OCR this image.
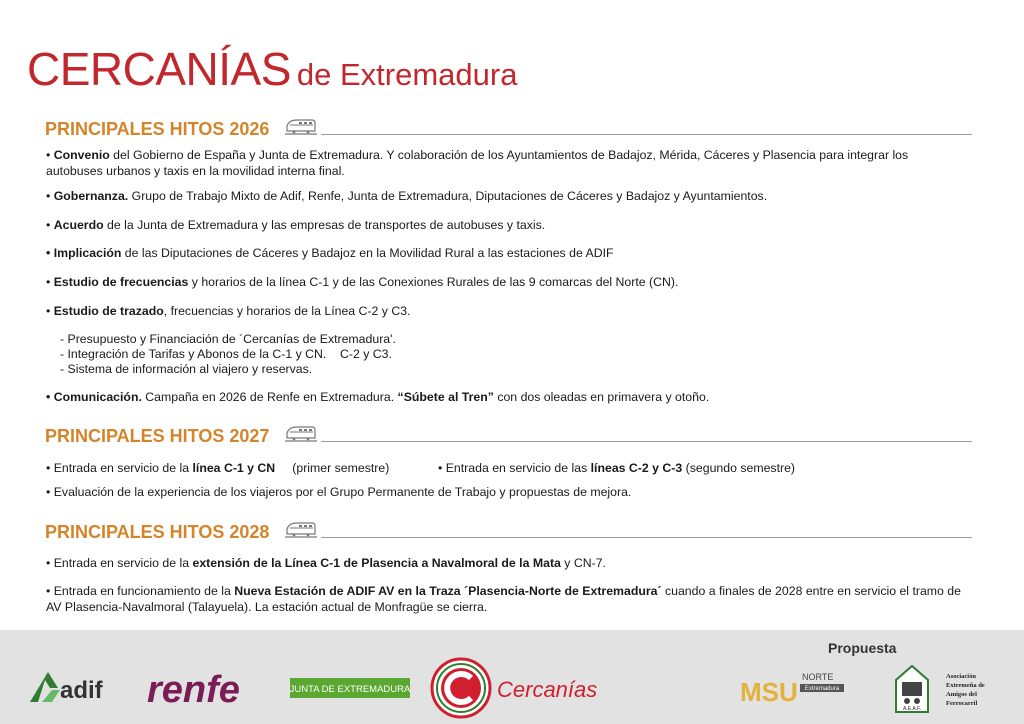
CERCANÍAS de Extremadura
PRINCIPALES HITOS 2026
• Convenio del Gobierno de España y Junta de Extremadura. Y colaboración de los Ayuntamientos de Badajoz, Mérida, Cáceres y Plasencia para integrar los autobuses urbanos y taxis en la movilidad interna final.
• Gobernanza. Grupo de Trabajo Mixto de Adif, Renfe, Junta de Extremadura, Diputaciones de Cáceres y Badajoz y Ayuntamientos.
• Acuerdo de la Junta de Extremadura y las empresas de transportes de autobuses y taxis.
• Implicación de las Diputaciones de Cáceres y Badajoz en la Movilidad Rural a las estaciones de ADIF
• Estudio de frecuencias y horarios de la línea C-1 y de las Conexiones Rurales de las 9 comarcas del Norte (CN).
• Estudio de trazado, frecuencias y horarios de la Línea C-2 y C3.
- Presupuesto y Financiación de ´Cercanías de Extremadura'.
- Integración de Tarifas y Abonos de la C-1 y CN.    C-2 y C3.
- Sistema de información al viajero y reservas.
• Comunicación. Campaña en 2026 de Renfe en Extremadura. “Súbete al Tren” con dos oleadas en primavera y otoño.
PRINCIPALES HITOS 2027
• Entrada en servicio de la línea C-1 y CN     (primer semestre)	• Entrada en servicio de las líneas C-2 y C-3 (segundo semestre)
• Evaluación de la experiencia de los viajeros por el Grupo Permanente de Trabajo y propuestas de mejora.
PRINCIPALES HITOS 2028
• Entrada en servicio de la extensión de la Línea C-1 de Plasencia a Navalmoral de la Mata y CN-7.
• Entrada en funcionamiento de la Nueva Estación de ADIF AV en la Traza ´Plasencia-Norte de Extremadura´ cuando a finales de 2028 entre en servicio el tramo de AV Plasencia-Navalmoral (Talayuela). La estación actual de Monfragüe se cierra.
Propuesta
adif renfe	JUNTA DE EXTREMADURA	Cercanías	MSU NORTE
Extremadura
A.E.A.F.
Asociación
Extremeña de
Amigos del
Ferrocarril
